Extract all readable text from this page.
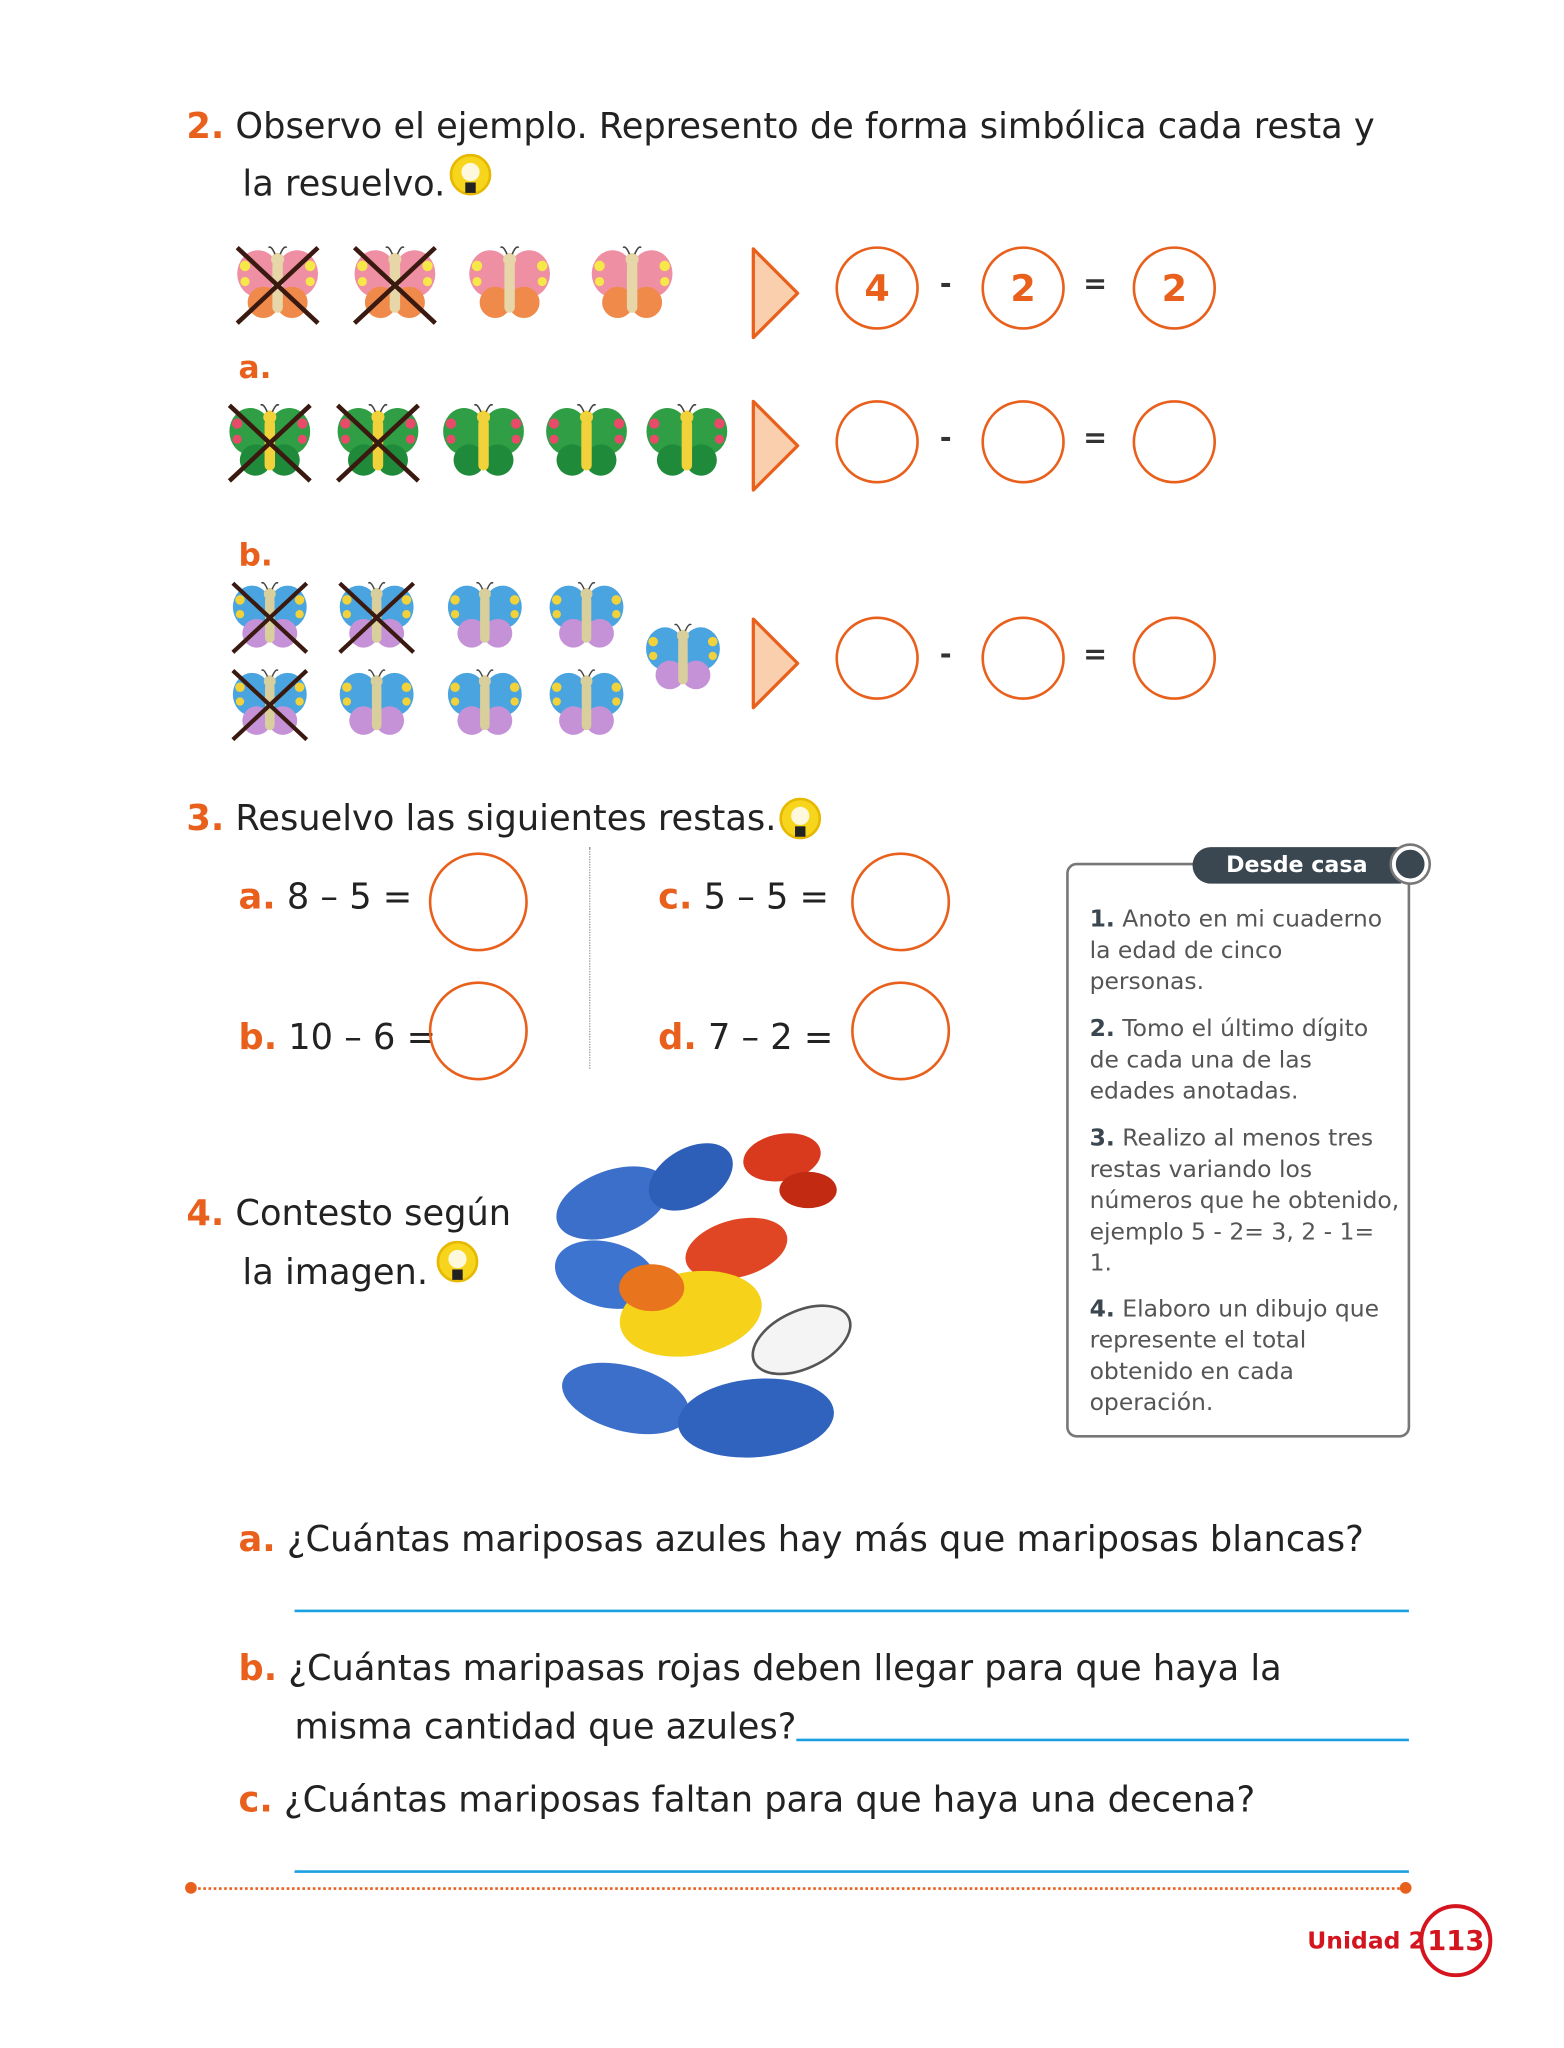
2. Observo el ejemplo. Represento de forma simbólica cada resta y
la resuelvo.
a.
b.
4	-	2	=	2
-	=
-	=
3. Resuelvo las siguientes restas.
a. 8 – 5 =
b. 10 – 6 =
c. 5 – 5 =
d. 7 – 2 =
Desde casa
1. Anoto en mi cuaderno la edad de cinco personas.
2. Tomo el último dígito de cada una de las edades anotadas.
3. Realizo al menos tres restas variando los números que he obtenido, ejemplo 5 - 2= 3, 2 - 1= 1.
4. Elaboro un dibujo que represente el total obtenido en cada operación.
4. Contesto según
la imagen.
a. ¿Cuántas mariposas azules hay más que mariposas blancas?
b. ¿Cuántas maripasas rojas deben llegar para que haya la
misma cantidad que azules?
c. ¿Cuántas mariposas faltan para que haya una decena?
Unidad 2 113
